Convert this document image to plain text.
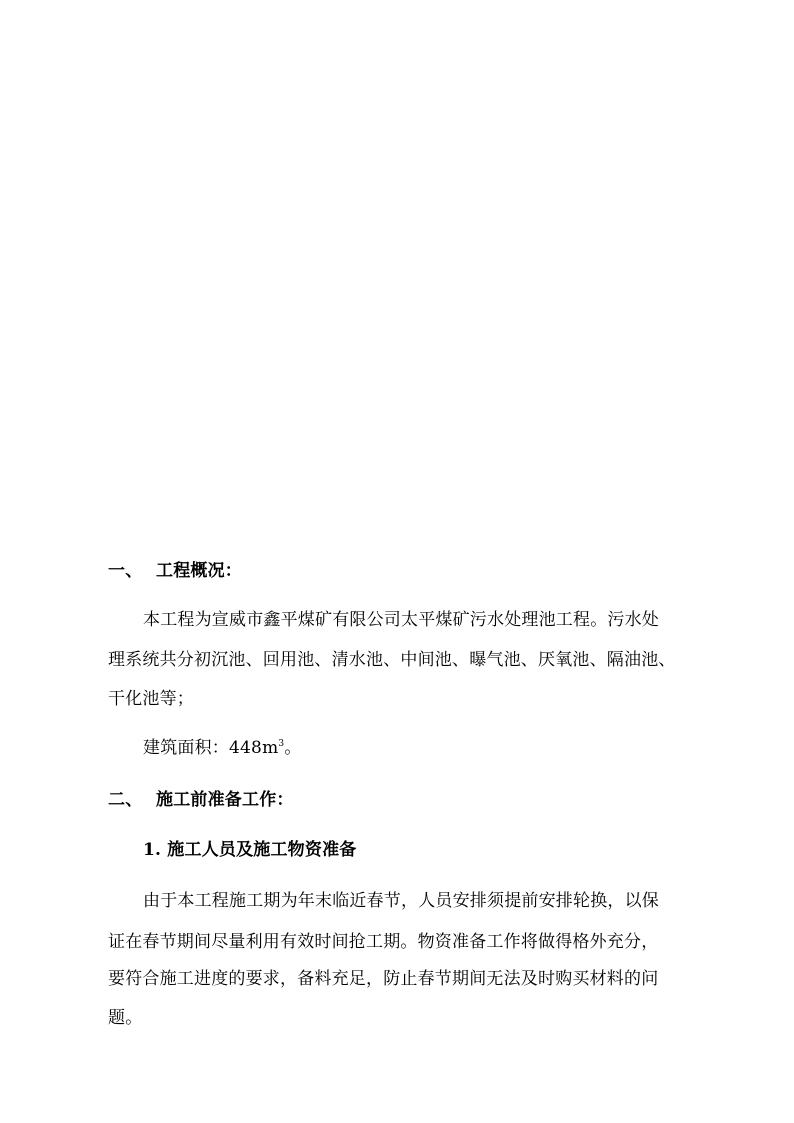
一、 工程概况：
本工程为宣威市鑫平煤矿有限公司太平煤矿污水处理池工程。污水处
理系统共分初沉池、回用池、清水池、中间池、曝气池、厌氧池、隔油池、
干化池等；
建筑面积：$448m^3$。
二、 施工前准备工作：
1. 施工人员及施工物资准备
由于本工程施工期为年末临近春节，人员安排须提前安排轮换，以保
证在春节期间尽量利用有效时间抢工期。物资准备工作将做得格外充分，
要符合施工进度的要求，备料充足，防止春节期间无法及时购买材料的问
题。
